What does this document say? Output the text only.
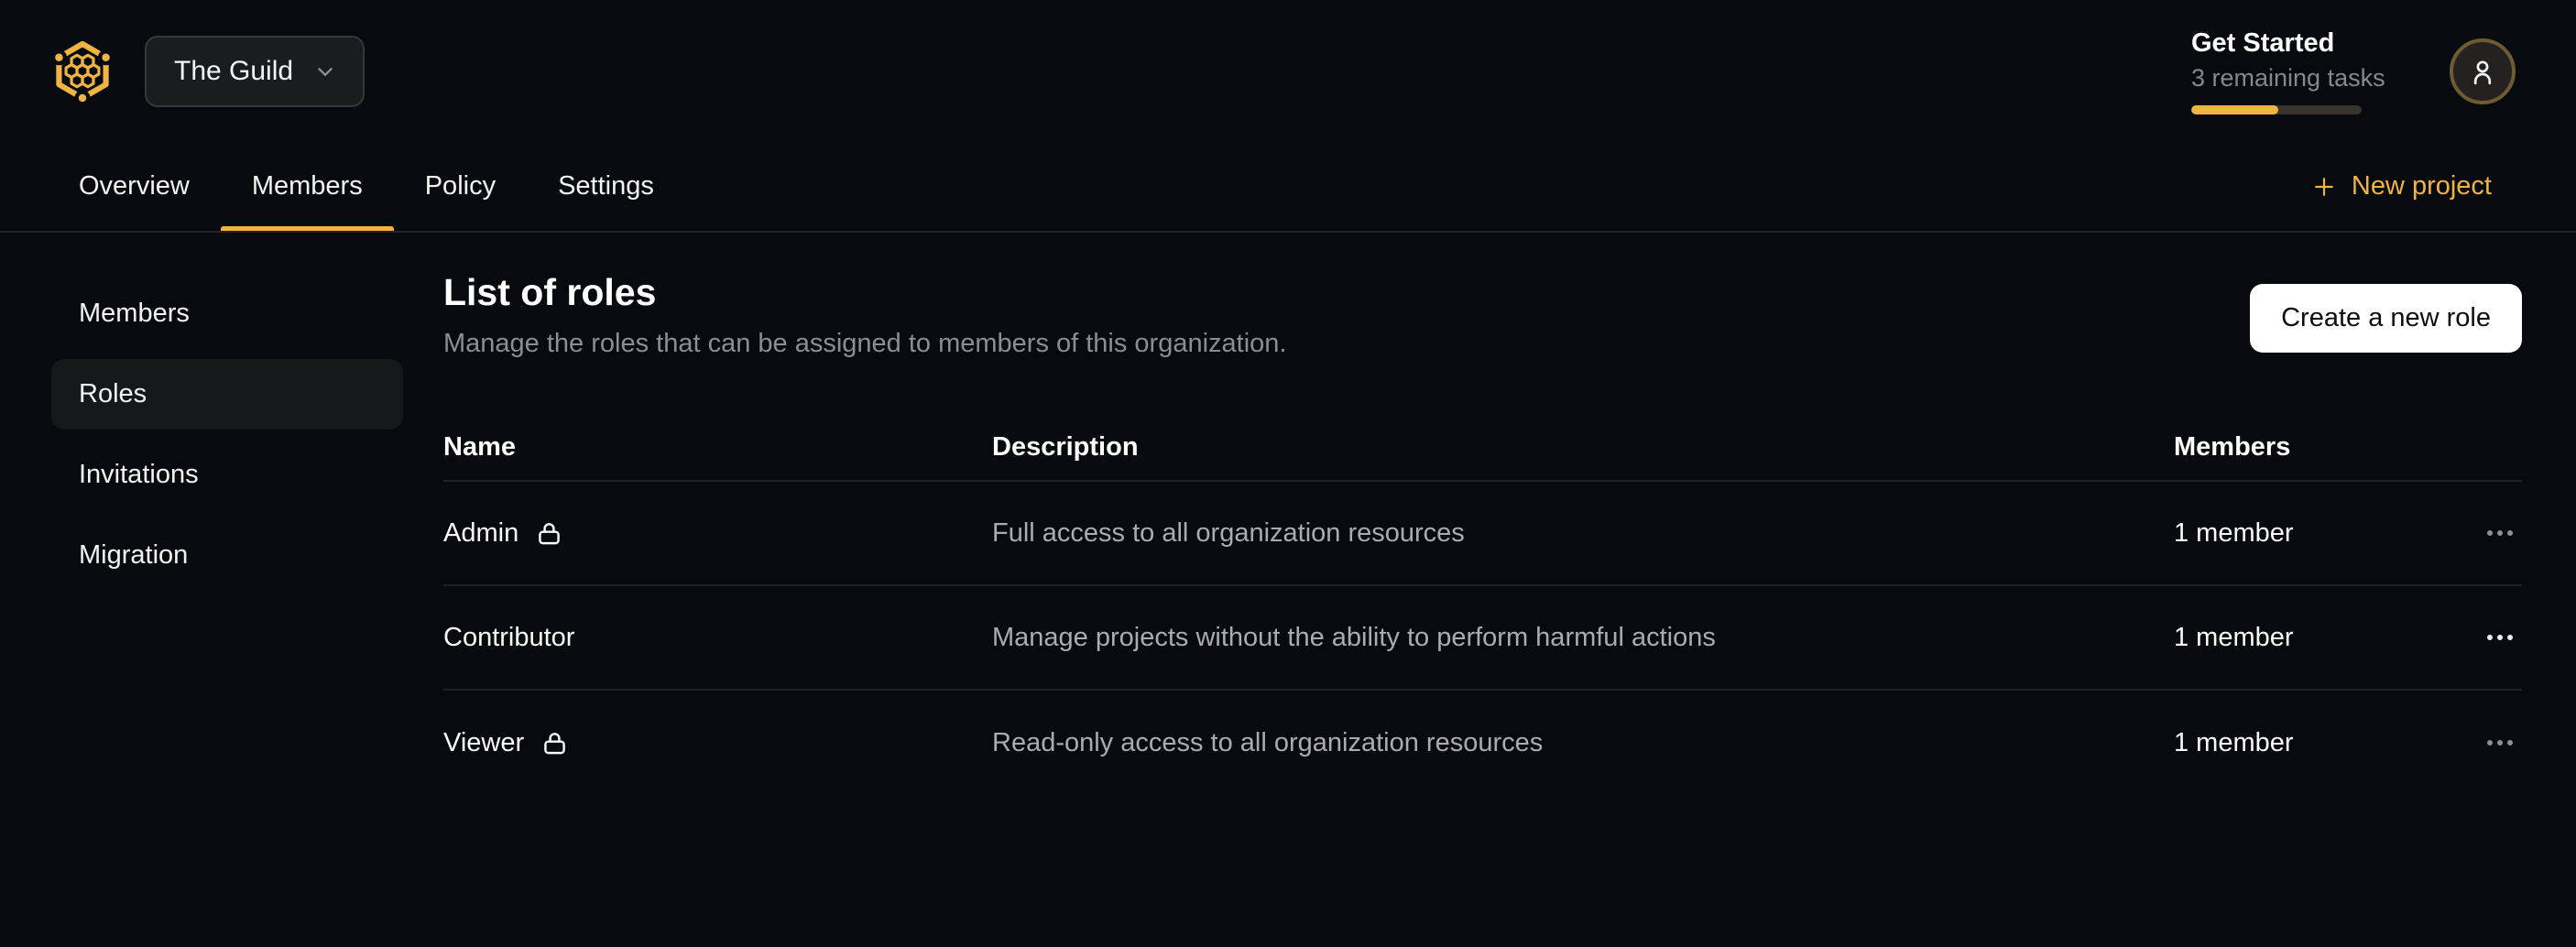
The Guild
Get Started
3 remaining tasks
Overview	Members	Policy	Settings	New project
Members
Roles
Invitations
Migration
List of roles

Manage the roles that can be assigned to members of this organization.

Create a new role
Name	Description	Members
Admin	Full access to all organization resources	1 member
Contributor	Manage projects without the ability to perform harmful actions	1 member
Viewer	Read-only access to all organization resources	1 member
